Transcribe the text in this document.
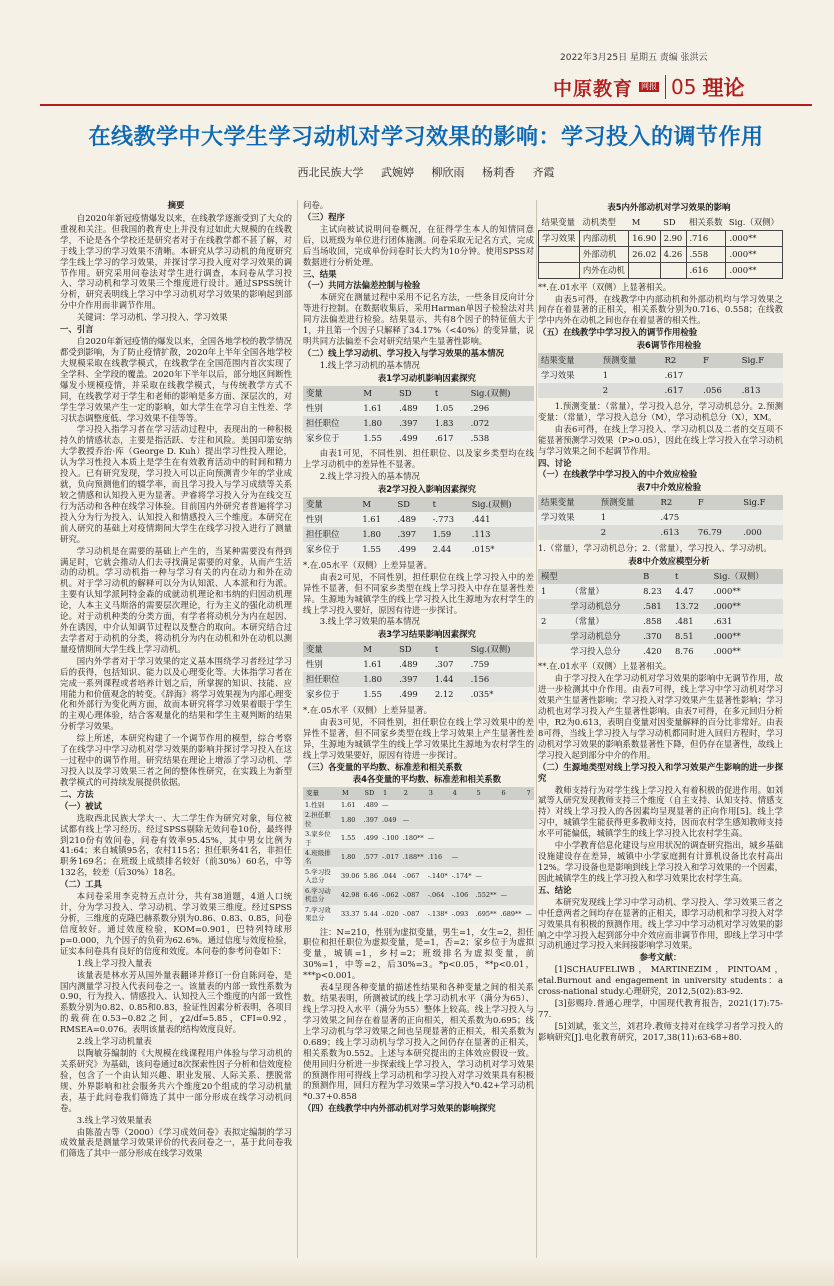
2022年3月25日 星期五 责编 张洪云
中原教育 网报 05 理论
在线教学中大学生学习动机对学习效果的影响：学习投入的调节作用
西北民族大学 武婉婷 柳欣雨 杨莉香 齐霞

摘要

自2020年新冠疫情爆发以来，在线教学逐渐受到了大众的重视和关注。但我国的教育史上并没有过如此大规模的在线教学，不论是各个学校还是研究者对于在线教学都不甚了解，对于线上学习的学习效果不清晰。本研究从学习动机的角度研究学生线上学习的学习效果，并探讨学习投入度对学习效果的调节作用。研究采用问卷法对学生进行调查，本问卷从学习投入、学习动机和学习效果三个维度进行设计。通过SPSS统计分析，研究表明线上学习中学习动机对学习效果的影响起到部分中介作用而非调节作用。

关键词：学习动机、学习投入、学习效果

一、引言

自2020年新冠疫情的爆发以来，全国各地学校的教学情况都受到影响，为了防止疫情扩散，2020年上半年全国各地学校大规模采取在线教学模式，在线教学在全国范围内首次实现了全学科、全学段的覆盖。2020年下半年以后，部分地区间断性爆发小规模疫情，并采取在线教学模式，与传统教学方式不同，在线教学对于学生和老师的影响是多方面、深层次的，对学生学习效果产生一定的影响，如大学生在学习自主性差、学习状态调整度低、学习效果不佳等等。

学习投入指学习者在学习活动过程中，表现出的一种积极持久的情感状态，主要是指活跃、专注和风险。美国印第安纳大学教授乔治·库（George D. Kuh）提出学习性投入理论，认为学习性投入本质上是学生在有效教育活动中的时间和精力投入。已有研究发现，学习投入可以正向预测青少年的学业成就，负向预测他们的辍学率，而且学习投入与学习成绩等关系较之情感和认知投入更为显著。尹睿将学习投入分为在线交互行为活动和各种在线学习体验。目前国内外研究者普遍将学习投入分为行为投入、认知投入和情感投入三个维度。本研究在前人研究的基础上对疫情期间大学生在线学习投入进行了测量研究。

学习动机是在需要的基础上产生的，当某种需要没有得到满足时，它就会推动人们去寻找满足需要的对象，从而产生活动的动机。学习动机指一种与学习有关的内在动力和外在动机。对于学习动机的解释可以分为认知派、人本派和行为派。主要有认知学派阿特金森的成就动机理论和韦纳的归因动机理论，人本主义马斯洛的需要层次理论，行为主义的强化动机理论。对于动机种类的分类方面，有学者将动机分为内在起因、外在诱因，中介认知调节过程以及整合的取向。本研究结合过去学者对于动机的分类，将动机分为内在动机和外在动机以测量疫情期间大学生线上学习动机。

国内外学者对于学习效果的定义基本围绕学习者经过学习后的获得，包括知识、能力以及心理变化等。大体指学习者在完成一系列课程或者培养计划之后，所掌握的知识、技能、应用能力和价值观念的转变。《辞海》将学习效果视为内部心理变化和外部行为变化两方面，故而本研究将学习效果着眼于学生的主观心理体验，结合客观量化的结果和学生主观判断的结果分析学习效果。

综上所述，本研究构建了一个调节作用的模型，综合考察了在线学习中学习动机对学习效果的影响并探讨学习投入在这一过程中的调节作用。研究结果在理论上增添了学习动机、学习投入以及学习效果三者之间的整体性研究，在实践上为新型教学模式的可持续发展提供依据。

二、方法

（一）被试

选取西北民族大学大一、大二学生作为研究对象，每位被试都有线上学习经历。经过SPSS剔除无效问卷10份，最终得到210份有效问卷，问卷有效率95.45%，其中男女比例为41:64；来自城镇95名，农村115名；担任职务41名，非担任职务169名；在班级上成绩排名较好（前30%）60名，中等132名，较差（后30%）18名。

（二）工具

本问卷采用李克特五点计分，共有38道题，4道人口统计，分为学习投入、学习动机、学习效果三维度。经过SPSS分析，三维度的克隆巴赫系数分别为0.86、0.83、0.85，问卷信度较好。通过效度检验，KOM=0.901，巴特列特球形p=0.000，九个因子的负荷为62.6%。通过信度与效度检验，证实本问卷具有良好的信度和效度。本问卷的参考问卷如下：

1.线上学习投入量表

该量表是林水芳从国外量表翻译并修订一份自陈问卷，是国内测量学习投入代表问卷之一。该量表的内部一致性系数为0.90，行为投入、情感投入、认知投入三个维度的内部一致性系数分别为0.82、0.85和0.83，验证性因素分析表明，各项目的载荷在0.53~0.82之间，χ2/df=5.85，CFI=0.92，RMSEA=0.076。表明该量表的结构效度良好。

2.线上学习动机量表

以陶敏芬编制的《大规模在线课程用户体验与学习动机的关系研究》为基础，该问卷通过8次探索性因子分析和信效度检验，包含了一个由认知兴趣、职业发展、人际关系、摆脱常规、外界影响和社会服务共六个维度20个组成的学习动机量表，基于此问卷我们筛选了其中一部分形成在线学习动机问卷。

3.线上学习效果量表

由陈盈吉等（2000）《学习成效问卷》表拟定编制的学习成效量表是测量学习效果评价的代表问卷之一，基于此问卷我们筛选了其中一部分形成在线学习效果

问卷。

（三）程序

主试向被试说明问卷概况，在征得学生本人的知情同意后，以班级为单位进行团体施测。问卷采取无记名方式，完成后当场收回，完成单份问卷时长大约为10分钟。使用SPSS对数据进行分析处理。

三、结果

（一）共同方法偏差控制与检验

本研究在测量过程中采用不记名方法，一些条目反向计分等进行控制。在数据收集后，采用Harman单因子检验法对共同方法偏差进行检验。结果显示，共有8个因子的特征值大于1，并且第一个因子只解释了34.17%（<40%）的变异量，说明共同方法偏差不会对研究结果产生显著性影响。

（二）线上学习动机、学习投入与学习效果的基本情况

1.线上学习动机的基本情况

表1学习动机影响因素探究

变量	M	SD	t	Sig.(双侧)
性别	1.61	.489	1.05	.296
担任职位	1.80	.397	1.83	.072
家乡位于	1.55	.499	.617	.538

由表1可见，不同性别、担任职位、以及家乡类型均在线上学习动机中的差异性不显著。

2.线上学习投入的基本情况

表2学习投入影响因素探究

变量	M	SD	t	Sig.(双侧)
性别	1.61	.489	-.773	.441
担任职位	1.80	.397	1.59	.113
家乡位于	1.55	.499	2.44	.015*

*.在.05水平（双侧）上差异显著。

由表2可见，不同性别，担任职位在线上学习投入中的差异性不显著，但不同家乡类型在线上学习投入中存在显著性差异。生源地为城镇学生的线上学习投入比生源地为农村学生的线上学习投入要好，原因有待进一步探讨。

3.线上学习效果的基本情况

表3学习结果影响因素探究

变量	M	SD	t	Sig.(双侧)
性别	1.61	.489	.307	.759
担任职位	1.80	.397	1.44	.156
家乡位于	1.55	.499	2.12	.035*

*.在.05水平（双侧）上差异显著。

由表3可见，不同性别，担任职位在线上学习效果中的差异性不显著，但不同家乡类型在线上学习效果上产生显著性差异，生源地为城镇学生的线上学习效果比生源地为农村学生的线上学习效果要好，原因有待进一步探讨。

（三）各变量的平均数、标准差和相关系数

表4各变量的平均数、标准差和相关系数

变量	M	SD	1	2	3	4	5	6	7
1.性别	1.61	.489	—						
2.担任职位	1.80	.397	.049	—					
3.家乡位于	1.55	.499	-.100	.180**	—				
4.班级排名	1.80	.577	-.017	.188**	.116	—			
5.学习投入总分	39.06	5.86	.044	-.067	-.140*	-.174*	—		
6.学习动机总分	42.98	6.46	-.062	-.087	-.064	-.106	.552**	—	
7.学习效果总分	33.37	5.44	-.020	-.087	-.138*	-.093	.695**	.689**	—

注：N=210，性别为虚拟变量，男生=1，女生=2，担任职位和担任职位为虚拟变量，是=1，否=2；家乡位于为虚拟变量，城镇=1，乡村=2；班级排名为虚拟变量，前30%=1，中等=2，后30%=3。*p<0.05，**p<0.01，***p<0.001。

表4呈现各种变量的描述性结果和各种变量之间的相关系数。结果表明，所测被试的线上学习动机水平（满分为65）、线上学习投入水平（满分为55）整体上较高。线上学习投入与学习效果之间存在着显著的正向相关，相关系数为0.695；线上学习动机与学习效果之间也呈现显著的正相关，相关系数为0.689；线上学习动机与学习投入之间仍存在显著的正相关，相关系数为0.552。上述与本研究提出的主体效应假设一致。使用回归分析进一步探索线上学习投入，学习动机对学习效果的预测作用可得线上学习动机和学习投入对学习效果具有积极的预测作用，回归方程为学习效果=学习投入*0.42+学习动机*0.37+0.858

（四）在线教学中内外部动机对学习效果的影响探究

表5内外部动机对学习效果的影响

结果变量	动机类型	M	SD	相关系数	Sig.（双侧）
学习效果	内部动机	16.90	2.90	.716	.000**
	外部动机	26.02	4.26	.558	.000**
	内外在动机			.616	.000**

**.在.01水平（双侧）上显著相关。

由表5可得，在线教学中内部动机和外部动机均与学习效果之间存在着显著的正相关，相关系数分别为0.716、0.558；在线教学中内外在动机之间也存在着显著的相关性。

（五）在线教学中学习投入的调节作用检验

表6调节作用检验

结果变量	预测变量	R2	F	Sig.F
学习效果	1	.617		
	2	.617	.056	.813

1.预测变量：（常量），学习投入总分，学习动机总分。2.预测变量：（常量），学习投入总分（M），学习动机总分（X），XM。

由表6可得，在线上学习投入、学习动机以及二者的交互项不能显著预测学习效果（P>0.05），因此在线上学习投入在学习动机与学习效果之间不起调节作用。

四、讨论

（一）在线教学中学习投入的中介效应检验

表7中介效应检验

结果变量	预测变量	R2	F	Sig.F
学习效果	1	.475		
	2	.613	76.79	.000

1.（常量），学习动机总分；2.（常量），学习投入、学习动机。

表8中介效应模型分析

模型		B	t	Sig.（双侧）
1	（常量）	8.23	4.47	.000**
	学习动机总分	.581	13.72	.000**
2	（常量）	.858	.481	.631
	学习动机总分	.370	8.51	.000**
	学习投入总分	.420	8.76	.000**

**.在.01水平（双侧）上显著相关。

由于学习投入在学习动机对学习效果的影响中无调节作用，故进一步检测其中介作用。由表7可得，线上学习中学习动机对学习效果产生显著性影响；学习投入对学习效果产生显著性影响；学习动机也对学习投入产生显著性影响。由表7可得，在多元回归分析中，R2为0.613，表明自变量对因变量解释的百分比非常好。由表8可得，当线上学习投入与学习动机都同时进入回归方程时，学习动机对学习效果的影响系数显著性下降，但仍存在显著性，故线上学习投入起到部分中介的作用。

（二）生源地类型对线上学习投入和学习效果产生影响的进一步探究

教师支持行为对学生线上学习投入有着积极的促进作用。如刘斌等人研究发现教师支持三个维度（自主支持、认知支持、情感支持）对线上学习投入的各因素均呈现显著的正向作用[5]。线上学习中，城镇学生能获得更多教师支持，因而农村学生感知教师支持水平可能偏低，城镇学生的线上学习投入比农村学生高。

中小学教育信息化建设与应用状况的调查研究指出，城乡基础设施建设存在差异，城镇中小学家庭拥有计算机设备比农村高出12%。学习设备也是影响到线上学习投入和学习效果的一个因素，因此城镇学生的线上学习投入和学习效果比农村学生高。

五、结论

本研究发现线上学习中学习动机、学习投入、学习效果三者之中任意两者之间均存在显著的正相关，即学习动机和学习投入对学习效果具有积极的预测作用。线上学习中学习动机对学习效果的影响之中学习投入起到部分中介效应而非调节作用，即线上学习中学习动机通过学习投入来间接影响学习效果。

参考文献：

[1]SCHAUFELIWB，MARTINEZIM，PINTOAM，etal.Burnout and engagement in university students：a cross-national study.心理研究，2012,5(02):83-92.

[3]彭赐玲.普通心理学，中国现代教育报告，2021(17):75-77.

[5]刘斌，张文兰，刘君玲.教师支持对在线学习者学习投入的影响研究[J].电化教育研究，2017,38(11):63-68+80.
